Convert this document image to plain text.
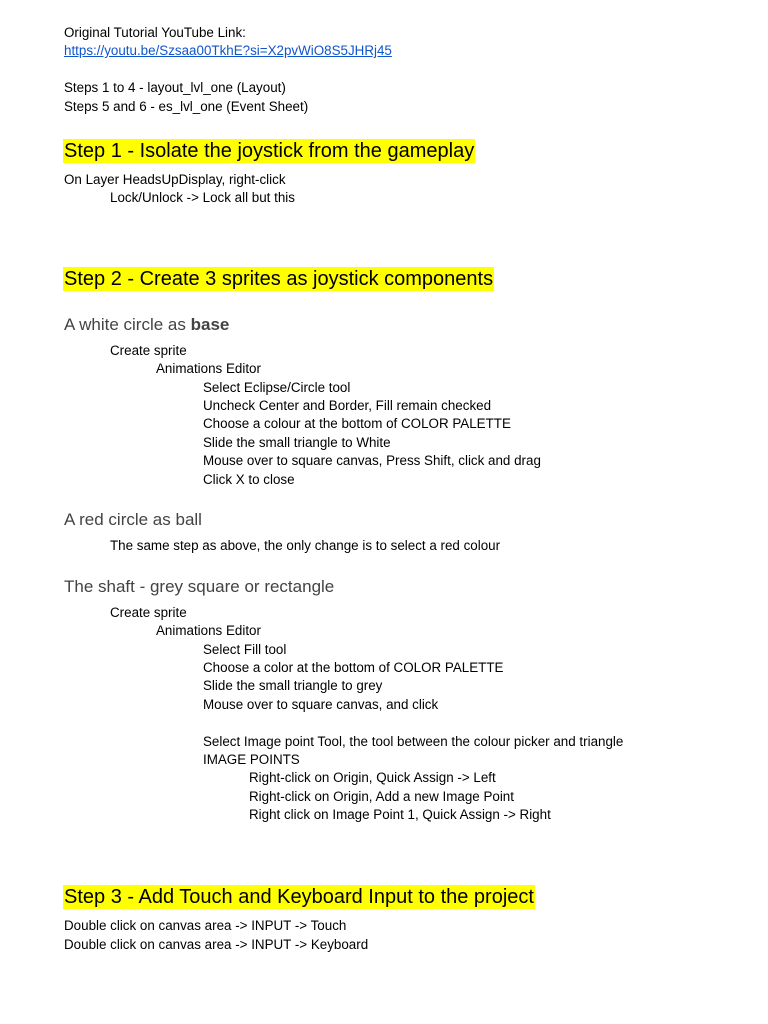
Original Tutorial YouTube Link:
https://youtu.be/Szsaa00TkhE?si=X2pvWiO8S5JHRj45
Steps 1 to 4 - layout_lvl_one (Layout)
Steps 5 and 6 - es_lvl_one (Event Sheet)
Step 1 - Isolate the joystick from the gameplay
On Layer HeadsUpDisplay, right-click
Lock/Unlock -> Lock all but this
Step 2 - Create 3 sprites as joystick components
A white circle as base
Create sprite
Animations Editor
Select Eclipse/Circle tool
Uncheck Center and Border, Fill remain checked
Choose a colour at the bottom of COLOR PALETTE
Slide the small triangle to White
Mouse over to square canvas, Press Shift, click and drag
Click X to close
A red circle as ball
The same step as above, the only change is to select a red colour
The shaft - grey square or rectangle
Create sprite
Animations Editor
Select Fill tool
Choose a color at the bottom of COLOR PALETTE
Slide the small triangle to grey
Mouse over to square canvas, and click
Select Image point Tool, the tool between the colour picker and triangle
IMAGE POINTS
Right-click on Origin, Quick Assign -> Left
Right-click on Origin, Add a new Image Point
Right click on Image Point 1, Quick Assign -> Right
Step 3 - Add Touch and Keyboard Input to the project
Double click on canvas area -> INPUT -> Touch
Double click on canvas area -> INPUT -> Keyboard
